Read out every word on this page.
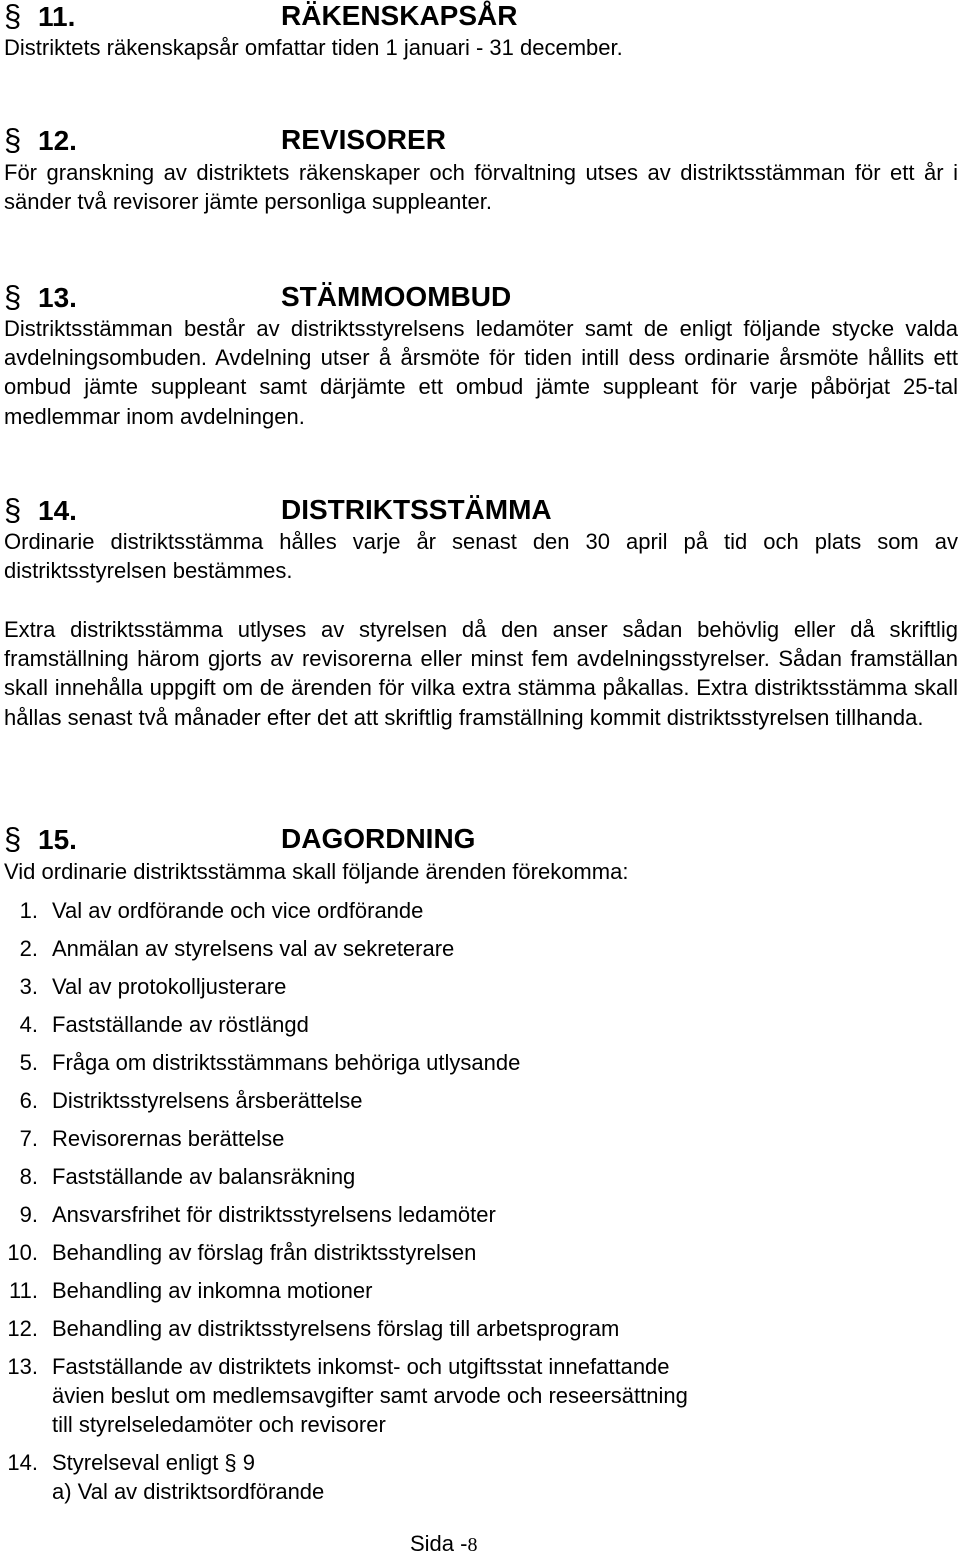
§ 11.	RÄKENSKAPSÅR

Distriktets räkenskapsår omfattar tiden 1 januari - 31 december.

§ 12.	REVISORER

För granskning av distriktets räkenskaper och förvaltning utses av distriktsstämman för ett år i sänder två revisorer jämte personliga suppleanter.

§ 13.	STÄMMOOMBUD

Distriktsstämman består av distriktsstyrelsens ledamöter samt de enligt följande stycke valda avdelningsombuden. Avdelning utser å årsmöte för tiden intill dess ordinarie årsmöte hållits ett ombud jämte suppleant samt därjämte ett ombud jämte suppleant för varje påbörjat 25-tal medlemmar inom avdelningen.

§ 14.	DISTRIKTSSTÄMMA

Ordinarie distriktsstämma hålles varje år senast den 30 april på tid och plats som av distriktsstyrelsen bestämmes.

Extra distriktsstämma utlyses av styrelsen då den anser sådan behövlig eller då skriftlig framställning härom gjorts av revisorerna eller minst fem avdelningsstyrelser. Sådan framställan skall innehålla uppgift om de ärenden för vilka extra stämma påkallas. Extra distriktsstämma skall hållas senast två månader efter det att skriftlig framställning kommit distriktsstyrelsen tillhanda.

§ 15.	DAGORDNING

Vid ordinarie distriktsstämma skall följande ärenden förekomma:

1. Val av ordförande och vice ordförande
2. Anmälan av styrelsens val av sekreterare
3. Val av protokolljusterare
4. Fastställande av röstlängd
5. Fråga om distriktsstämmans behöriga utlysande
6. Distriktsstyrelsens årsberättelse
7. Revisorernas berättelse
8. Fastställande av balansräkning
9. Ansvarsfrihet för distriktsstyrelsens ledamöter
10. Behandling av förslag från distriktsstyrelsen
11. Behandling av inkomna motioner
12. Behandling av distriktsstyrelsens förslag till arbetsprogram
13. Fastställande av distriktets inkomst- och utgiftsstat innefattande
ävien beslut om medlemsavgifter samt arvode och reseersättning
till styrelseledamöter och revisorer
14. Styrelseval enligt § 9
a) Val av distriktsordförande
Sida -8
